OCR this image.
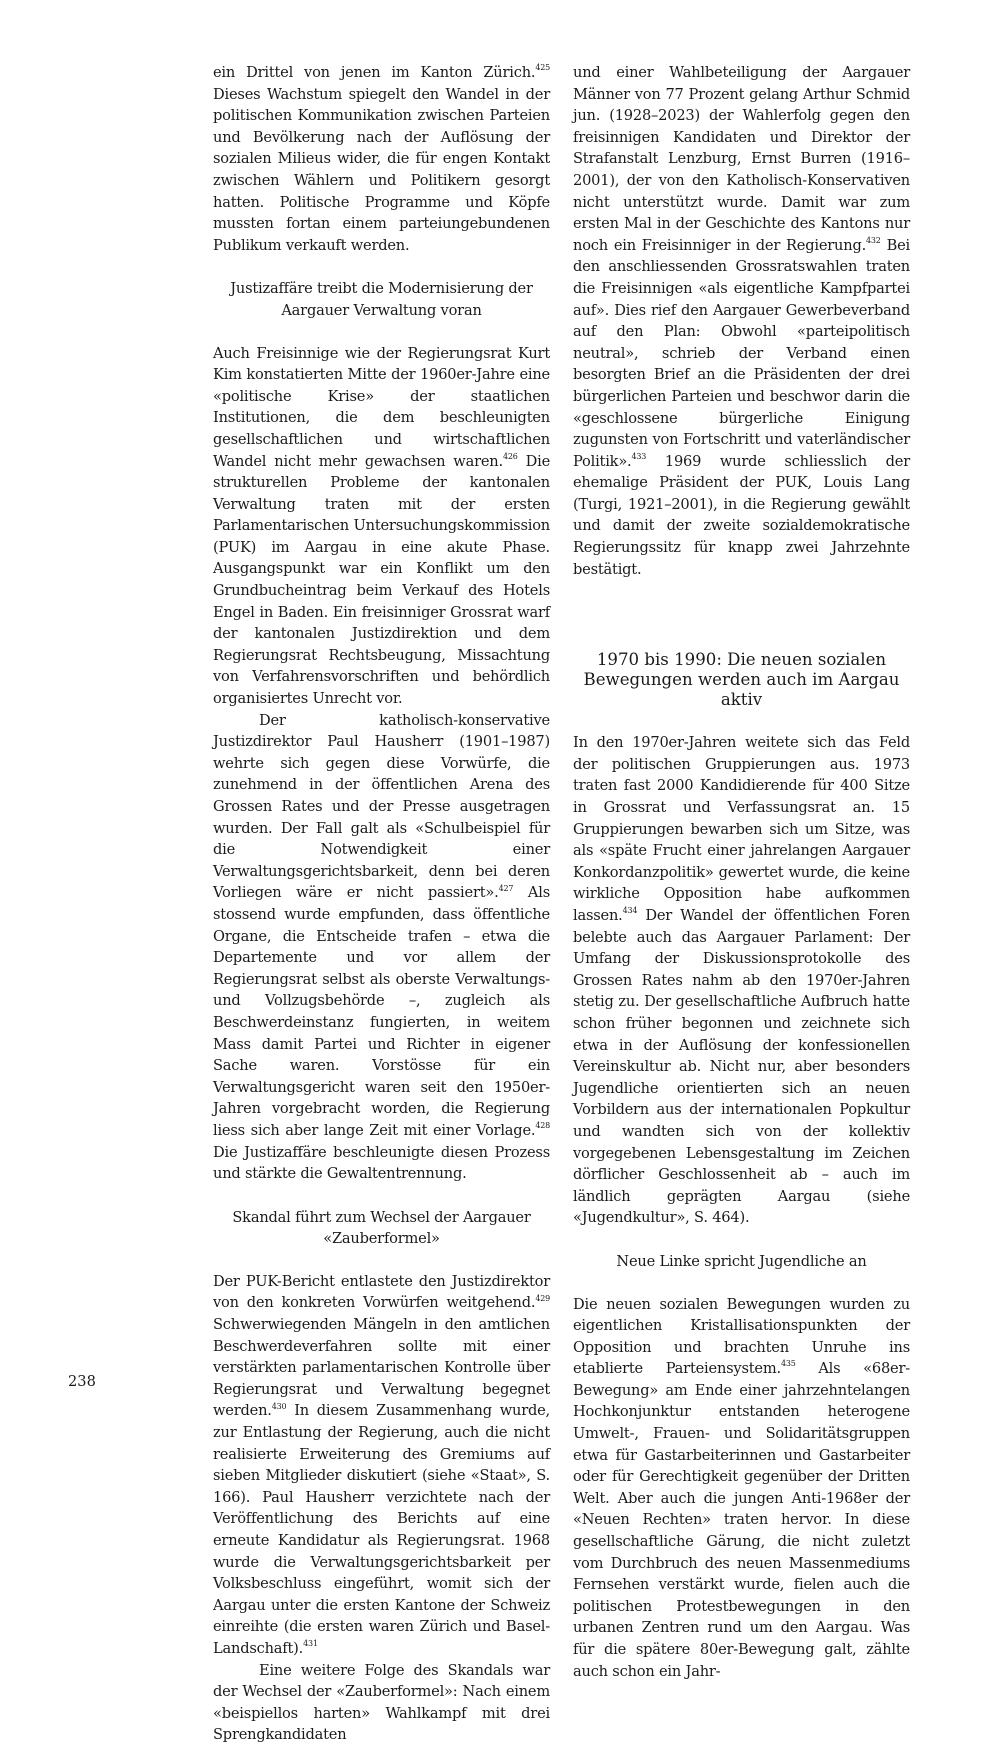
238

ein Drittel von jenen im Kanton Zürich.$^{425}$ Dieses Wachstum spiegelt den Wandel in der politischen Kommunikation zwischen Parteien und Bevölkerung nach der Auflösung der sozialen Milieus wider, die für engen Kontakt zwischen Wählern und Politikern gesorgt hatten. Politische Programme und Köpfe mussten fortan einem parteiungebundenen Publikum verkauft werden.

Justizaffäre treibt die Modernisierung der Aargauer Verwaltung voran

Auch Freisinnige wie der Regierungsrat Kurt Kim konstatierten Mitte der 1960er-Jahre eine «politische Krise» der staatlichen Institutionen, die dem beschleunigten gesellschaftlichen und wirtschaftlichen Wandel nicht mehr gewachsen waren.$^{426}$ Die strukturellen Probleme der kantonalen Verwaltung traten mit der ersten Parlamentarischen Untersuchungskommission (PUK) im Aargau in eine akute Phase. Ausgangspunkt war ein Konflikt um den Grundbucheintrag beim Verkauf des Hotels Engel in Baden. Ein freisinniger Grossrat warf der kantonalen Justizdirektion und dem Regierungsrat Rechtsbeugung, Missachtung von Verfahrensvorschriften und behördlich organisiertes Unrecht vor.

Der katholisch-konservative Justizdirektor Paul Hausherr (1901–1987) wehrte sich gegen diese Vorwürfe, die zunehmend in der öffentlichen Arena des Grossen Rates und der Presse ausgetragen wurden. Der Fall galt als «Schulbeispiel für die Notwendigkeit einer Verwaltungsgerichtsbarkeit, denn bei deren Vorliegen wäre er nicht passiert».$^{427}$ Als stossend wurde empfunden, dass öffentliche Organe, die Entscheide trafen – etwa die Departemente und vor allem der Regierungsrat selbst als oberste Verwaltungs- und Vollzugsbehörde –, zugleich als Beschwerdeinstanz fungierten, in weitem Mass damit Partei und Richter in eigener Sache waren. Vorstösse für ein Verwaltungsgericht waren seit den 1950er-Jahren vorgebracht worden, die Regierung liess sich aber lange Zeit mit einer Vorlage.$^{428}$ Die Justizaffäre beschleunigte diesen Prozess und stärkte die Gewaltentrennung.

Skandal führt zum Wechsel der Aargauer «Zauberformel»

Der PUK-Bericht entlastete den Justizdirektor von den konkreten Vorwürfen weitgehend.$^{429}$ Schwerwiegenden Mängeln in den amtlichen Beschwerdeverfahren sollte mit einer verstärkten parlamentarischen Kontrolle über Regierungsrat und Verwaltung begegnet werden.$^{430}$ In diesem Zusammenhang wurde, zur Entlastung der Regierung, auch die nicht realisierte Erweiterung des Gremiums auf sieben Mitglieder diskutiert (siehe «Staat», S. 166). Paul Hausherr verzichtete nach der Veröffentlichung des Berichts auf eine erneute Kandidatur als Regierungsrat. 1968 wurde die Verwaltungsgerichtsbarkeit per Volksbeschluss eingeführt, womit sich der Aargau unter die ersten Kantone der Schweiz einreihte (die ersten waren Zürich und Basel-Landschaft).$^{431}$

Eine weitere Folge des Skandals war der Wechsel der «Zauberformel»: Nach einem «beispiellos harten» Wahlkampf mit drei Sprengkandidaten

und einer Wahlbeteiligung der Aargauer Männer von 77 Prozent gelang Arthur Schmid jun. (1928–2023) der Wahlerfolg gegen den freisinnigen Kandidaten und Direktor der Strafanstalt Lenzburg, Ernst Burren (1916–2001), der von den Katholisch-Konservativen nicht unterstützt wurde. Damit war zum ersten Mal in der Geschichte des Kantons nur noch ein Freisinniger in der Regierung.$^{432}$ Bei den anschliessenden Grossratswahlen traten die Freisinnigen «als eigentliche Kampfpartei auf». Dies rief den Aargauer Gewerbeverband auf den Plan: Obwohl «parteipolitisch neutral», schrieb der Verband einen besorgten Brief an die Präsidenten der drei bürgerlichen Parteien und beschwor darin die «geschlossene bürgerliche Einigung zugunsten von Fortschritt und vaterländischer Politik».$^{433}$ 1969 wurde schliesslich der ehemalige Präsident der PUK, Louis Lang (Turgi, 1921–2001), in die Regierung gewählt und damit der zweite sozialdemokratische Regierungssitz für knapp zwei Jahrzehnte bestätigt.

1970 bis 1990: Die neuen sozialen Bewegungen werden auch im Aargau aktiv

In den 1970er-Jahren weitete sich das Feld der politischen Gruppierungen aus. 1973 traten fast 2000 Kandidierende für 400 Sitze in Grossrat und Verfassungsrat an. 15 Gruppierungen bewarben sich um Sitze, was als «späte Frucht einer jahrelangen Aargauer Konkordanzpolitik» gewertet wurde, die keine wirkliche Opposition habe aufkommen lassen.$^{434}$ Der Wandel der öffentlichen Foren belebte auch das Aargauer Parlament: Der Umfang der Diskussionsprotokolle des Grossen Rates nahm ab den 1970er-Jahren stetig zu. Der gesellschaftliche Aufbruch hatte schon früher begonnen und zeichnete sich etwa in der Auflösung der konfessionellen Vereinskultur ab. Nicht nur, aber besonders Jugendliche orientierten sich an neuen Vorbildern aus der internationalen Popkultur und wandten sich von der kollektiv vorgegebenen Lebensgestaltung im Zeichen dörflicher Geschlossenheit ab – auch im ländlich geprägten Aargau (siehe «Jugendkultur», S. 464).

Neue Linke spricht Jugendliche an

Die neuen sozialen Bewegungen wurden zu eigentlichen Kristallisationspunkten der Opposition und brachten Unruhe ins etablierte Parteiensystem.$^{435}$ Als «68er-Bewegung» am Ende einer jahrzehntelangen Hochkonjunktur entstanden heterogene Umwelt-, Frauen- und Solidaritätsgruppen etwa für Gastarbeiterinnen und Gastarbeiter oder für Gerechtigkeit gegenüber der Dritten Welt. Aber auch die jungen Anti-1968er der «Neuen Rechten» traten hervor. In diese gesellschaftliche Gärung, die nicht zuletzt vom Durchbruch des neuen Massenmediums Fernsehen verstärkt wurde, fielen auch die politischen Protestbewegungen in den urbanen Zentren rund um den Aargau. Was für die spätere 80er-Bewegung galt, zählte auch schon ein Jahr-
